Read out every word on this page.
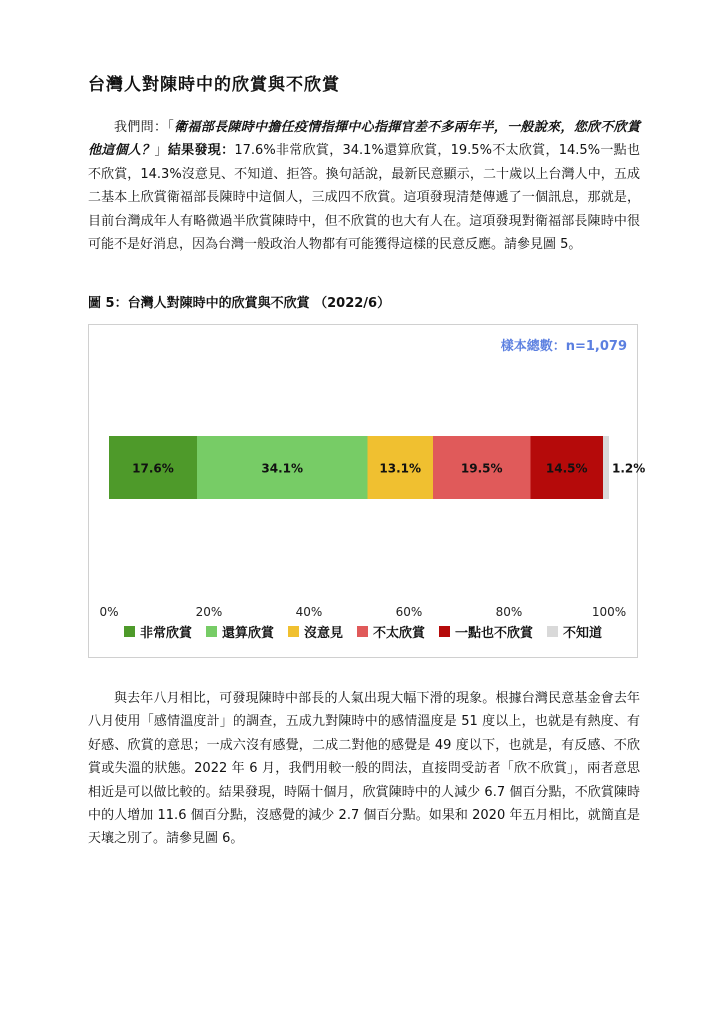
台灣人對陳時中的欣賞與不欣賞

我們問：「衛福部長陳時中擔任疫情指揮中心指揮官差不多兩年半，一般說來，您欣不欣賞他這個人？」結果發現：17.6%非常欣賞，34.1%還算欣賞，19.5%不太欣賞，14.5%一點也不欣賞，14.3%沒意見、不知道、拒答。換句話說，最新民意顯示，二十歲以上台灣人中，五成二基本上欣賞衛福部長陳時中這個人，三成四不欣賞。這項發現清楚傳遞了一個訊息，那就是，目前台灣成年人有略微過半欣賞陳時中，但不欣賞的也大有人在。這項發現對衛福部長陳時中很可能不是好消息，因為台灣一般政治人物都有可能獲得這樣的民意反應。請參見圖 5。

圖 5：台灣人對陳時中的欣賞與不欣賞 （2022/6）

樣本總數：n=1,079
17.6%	34.1%	13.1%	19.5%	14.5% 1.2%
0%	20%	40%	60%	80%	100%
非常欣賞 還算欣賞 沒意見 不太欣賞 一點也不欣賞 不知道

與去年八月相比，可發現陳時中部長的人氣出現大幅下滑的現象。根據台灣民意基金會去年八月使用「感情溫度計」的調查，五成九對陳時中的感情溫度是 51 度以上，也就是有熱度、有好感、欣賞的意思；一成六沒有感覺，二成二對他的感覺是 49 度以下，也就是，有反感、不欣賞或失溫的狀態。2022 年 6 月，我們用較一般的問法，直接問受訪者「欣不欣賞」，兩者意思相近是可以做比較的。結果發現，時隔十個月，欣賞陳時中的人減少 6.7 個百分點，不欣賞陳時中的人增加 11.6 個百分點，沒感覺的減少 2.7 個百分點。如果和 2020 年五月相比，就簡直是天壤之別了。請參見圖 6。
